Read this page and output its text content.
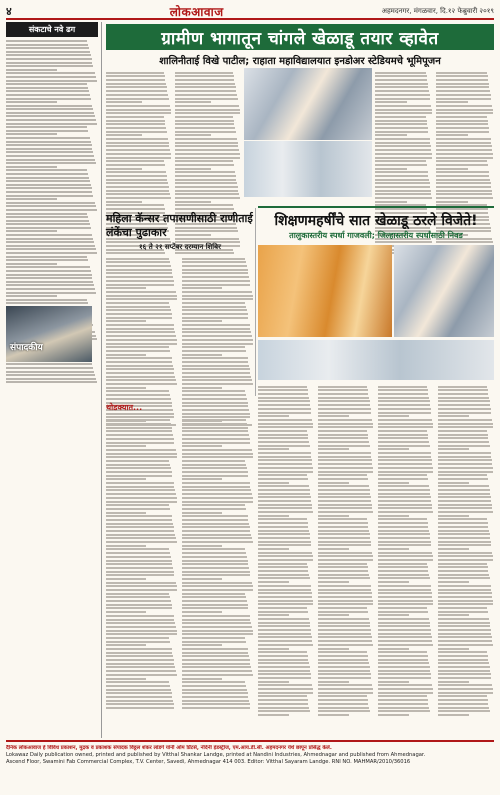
४	लोकआवाज	अहमदनगर, मंगळवार, दि.१२ फेब्रुवारी २०१९
संकटाचे नवे ढग
संपादकीय
ग्रामीण भागातून चांगले खेळाडू तयार व्हावेत
शालिनीताई विखे पाटील; राहाता महाविद्यालयात इनडोअर स्टेडियमचे भूमिपूजन
महिला कॅन्सर तपासणीसाठी राणीताई लंकेंचा पुढाकार
१६ ते २१ सप्टेंबर दरम्यान शिबिर
शिक्षणमहर्षींचे सात खेळाडू ठरले विजेते!
तालुकास्तरीय स्पर्धा गाजवली; जिल्हास्तरीय स्पर्धांसाठी निवड
थोडक्यात...

दैनिक लोकआवाज हे विविध प्रकाशन, मुद्रक व प्रकाशक संपादक विठ्ठल शंकर लांडगे यांनी ओम प्रिंटर्स, नंदिनी इंडस्ट्रीज, एम.आय.डी.सी. अहमदनगर येथे छापून प्रसिद्ध केले.

Lokawaz Daily publication owned, printed and published by Vitthal Shankar Landge, printed at Nandini Industries, Ahmednagar and published from Ahmednagar.

Ascend Floor, Swamini Fab Commercial Complex, T.V. Center, Savedi, Ahmednagar 414 003. Editor: Vitthal Sayaram Landge. RNI NO. MAHMAR/2010/36016
